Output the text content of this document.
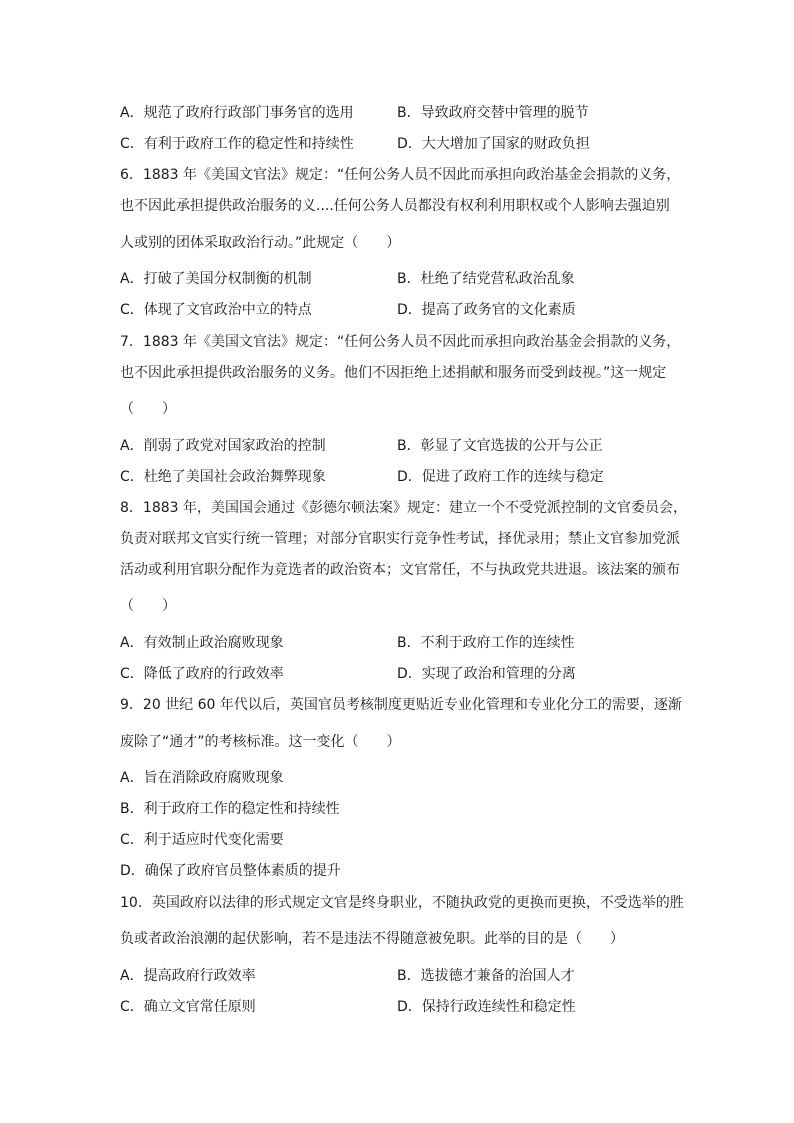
A．规范了政府行政部门事务官的选用	B．导致政府交替中管理的脱节
C．有利于政府工作的稳定性和持续性	D．大大增加了国家的财政负担
6．1883 年《美国文官法》规定：“任何公务人员不因此而承担向政治基金会捐款的义务，
也不因此承担提供政治服务的义....任何公务人员都没有权利利用职权或个人影响去强迫别
人或别的团体采取政治行动。”此规定（　　）
A．打破了美国分权制衡的机制	B．杜绝了结党营私政治乱象
C．体现了文官政治中立的特点	D．提高了政务官的文化素质
7．1883 年《美国文官法》规定：“任何公务人员不因此而承担向政治基金会捐款的义务，
也不因此承担提供政治服务的义务。他们不因拒绝上述捐献和服务而受到歧视。”这一规定
（　　）
A．削弱了政党对国家政治的控制	B．彰显了文官选拔的公开与公正
C．杜绝了美国社会政治舞弊现象	D．促进了政府工作的连续与稳定
8．1883 年，美国国会通过《彭德尔顿法案》规定：建立一个不受党派控制的文官委员会，
负责对联邦文官实行统一管理；对部分官职实行竞争性考试，择优录用；禁止文官参加党派
活动或利用官职分配作为竞选者的政治资本；文官常任，不与执政党共进退。该法案的颁布
（　　）
A．有效制止政治腐败现象	B．不利于政府工作的连续性
C．降低了政府的行政效率	D．实现了政治和管理的分离
9．20 世纪 60 年代以后，英国官员考核制度更贴近专业化管理和专业化分工的需要，逐渐
废除了“通才”的考核标准。这一变化（　　）
A．旨在消除政府腐败现象
B．利于政府工作的稳定性和持续性
C．利于适应时代变化需要
D．确保了政府官员整体素质的提升
10．英国政府以法律的形式规定文官是终身职业，不随执政党的更换而更换，不受选举的胜
负或者政治浪潮的起伏影响，若不是违法不得随意被免职。此举的目的是（　　）
A．提高政府行政效率	B．选拔德才兼备的治国人才
C．确立文官常任原则	D．保持行政连续性和稳定性
